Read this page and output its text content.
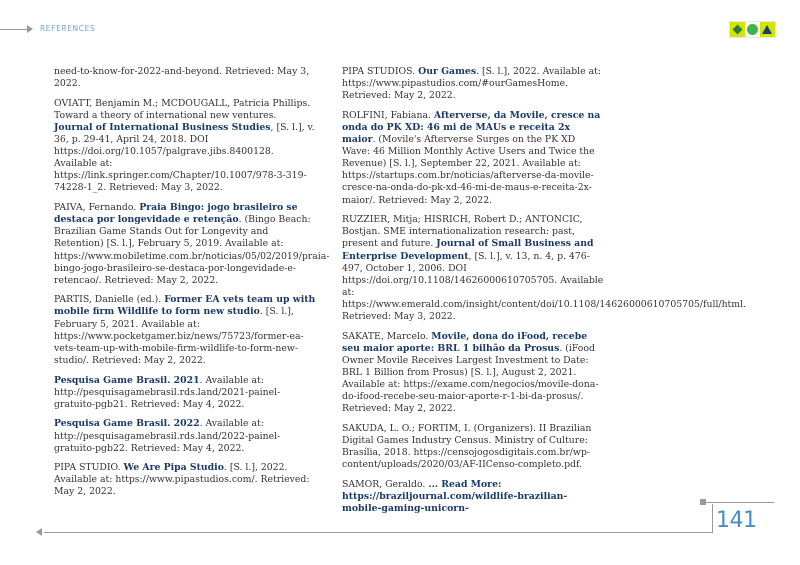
REFERENCES

need-to-know-for-2022-and-beyond. Retrieved: May 3, 2022.

OVIATT, Benjamin M.; MCDOUGALL, Patricia Phillips. Toward a theory of international new ventures. Journal of International Business Studies, [S. l.], v. 36, p. 29-41, April 24, 2018. DOI https://doi.org/10.1057/palgrave.jibs.8400128. Available at: https://link.springer.com/Chapter/10.1007/978-3-319-74228-1_2. Retrieved: May 3, 2022.

PAIVA, Fernando. Praia Bingo: jogo brasileiro se destaca por longevidade e retenção. (Bingo Beach: Brazilian Game Stands Out for Longevity and Retention) [S. l.], February 5, 2019. Available at: https://www.mobiletime.com.br/noticias/05/02/2019/praia-bingo-jogo-brasileiro-se-destaca-por-longevidade-e-retencao/. Retrieved: May 2, 2022.

PARTIS, Danielle (ed.). Former EA vets team up with mobile firm Wildlife to form new studio. [S. l.], February 5, 2021. Available at: https://www.pocketgamer.biz/news/75723/former-ea-vets-team-up-with-mobile-firm-wildlife-to-form-new-studio/. Retrieved: May 2, 2022.

Pesquisa Game Brasil. 2021. Available at: http://pesquisagamebrasil.rds.land/2021-painel-gratuito-pgb21. Retrieved: May 4, 2022.

Pesquisa Game Brasil. 2022. Available at: http://pesquisagamebrasil.rds.land/2022-painel-gratuito-pgb22. Retrieved: May 4, 2022.

PIPA STUDIO. We Are Pipa Studio. [S. l.], 2022. Available at: https://www.pipastudios.com/. Retrieved: May 2, 2022.

PIPA STUDIOS. Our Games. [S. l.], 2022. Available at: https://www.pipastudios.com/#ourGamesHome. Retrieved: May 2, 2022.

ROLFINI, Fabiana. Afterverse, da Movile, cresce na onda do PK XD: 46 mi de MAUs e receita 2x maior. (Movile's Afterverse Surges on the PK XD Wave: 46 Million Monthly Active Users and Twice the Revenue) [S. l.], September 22, 2021. Available at: https://startups.com.br/noticias/afterverse-da-movile-cresce-na-onda-do-pk-xd-46-mi-de-maus-e-receita-2x-maior/. Retrieved: May 2, 2022.

RUZZIER, Mitja; HISRICH, Robert D.; ANTONCIC, Bostjan. SME internationalization research: past, present and future. Journal of Small Business and Enterprise Development, [S. l.], v. 13, n. 4, p. 476-497, October 1, 2006. DOI https://doi.org/10.1108/14626000610705705. Available at: https://www.emerald.com/insight/content/doi/10.1108/14626000610705705/full/html. Retrieved: May 3, 2022.

SAKATE, Marcelo. Movile, dona do iFood, recebe seu maior aporte: BRL 1 bilhão da Prosus. (iFood Owner Movile Receives Largest Investment to Date: BRL 1 Billion from Prosus) [S. l.], August 2, 2021. Available at: https://exame.com/negocios/movile-dona-do-ifood-recebe-seu-maior-aporte-r-1-bi-da-prosus/. Retrieved: May 2, 2022.

SAKUDA, L. O.; FORTIM, I. (Organizers). II Brazilian Digital Games Industry Census. Ministry of Culture: Brasília, 2018. https://censojogosdigitais.com.br/wp-content/uploads/2020/03/AF-IICenso-completo.pdf.

SAMOR, Geraldo. ... Read More: https://braziljournal.com/wildlife-brazilian-mobile-gaming-unicorn-	141
